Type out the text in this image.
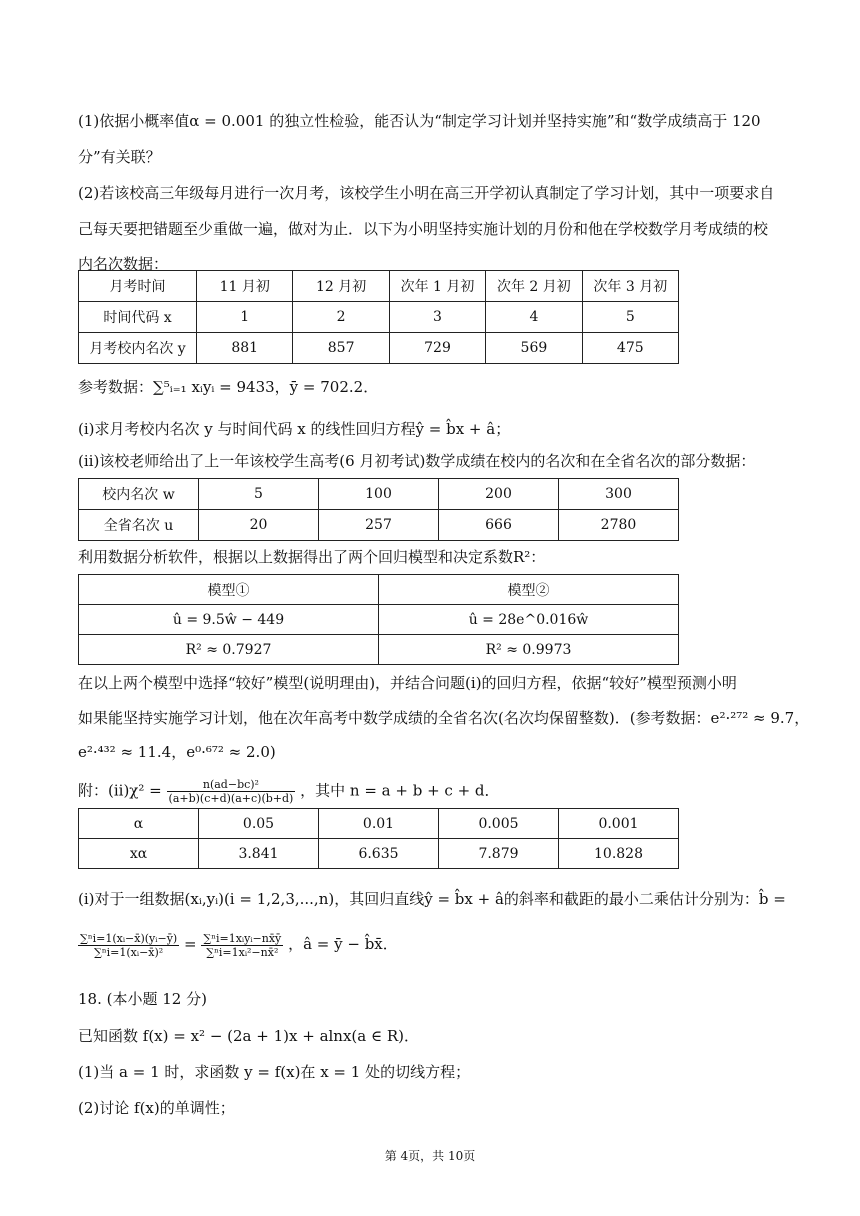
(1)依据小概率值α = 0.001 的独立性检验，能否认为“制定学习计划并坚持实施”和“数学成绩高于 120
分”有关联？
(2)若该校高三年级每月进行一次月考，该校学生小明在高三开学初认真制定了学习计划，其中一项要求自
己每天要把错题至少重做一遍，做对为止．以下为小明坚持实施计划的月份和他在学校数学月考成绩的校
内名次数据：
月考时间	11 月初	12 月初	次年 1 月初	次年 2 月初	次年 3 月初
时间代码 x	1	2	3	4	5
月考校内名次 y	881	857	729	569	475
参考数据：∑⁵ᵢ₌₁ xᵢyᵢ = 9433，ȳ = 702.2．
(ⅰ)求月考校内名次 y 与时间代码 x 的线性回归方程ŷ = b̂x + â；
(ⅱ)该校老师给出了上一年该校学生高考(6 月初考试)数学成绩在校内的名次和在全省名次的部分数据：
校内名次 w	5	100	200	300
全省名次 u	20	257	666	2780
利用数据分析软件，根据以上数据得出了两个回归模型和决定系数R²：
模型①	模型②
û = 9.5ŵ − 449	û = 28e^0.016ŵ
R² ≈ 0.7927	R² ≈ 0.9973
在以上两个模型中选择“较好”模型(说明理由)，并结合问题(ⅰ)的回归方程，依据“较好”模型预测小明
如果能坚持实施学习计划，他在次年高考中数学成绩的全省名次(名次均保留整数)．(参考数据：e²·²⁷² ≈ 9.7，
e²·⁴³² ≈ 11.4，e⁰·⁶⁷² ≈ 2.0)
附：$(ii)\chi^2 = \frac{\text{n(ad−bc)²}}{(a+b)(c+d)(a+c)(b+d)}$ ，其中 n = a + b + c + d．
α	0.05	0.01	0.005	0.001
xα	3.841	6.635	7.879	10.828
(i)对于一组数据(xᵢ,yᵢ)(i = 1,2,3,...,n)，其回归直线ŷ = b̂x + â的斜率和截距的最小二乘估计分别为：b̂ =
$\frac{\text{∑ⁿi=1(xᵢ−x̄)(yᵢ−ȳ)}}{\text{∑ⁿi=1(xᵢ−x̄)²}} = \frac{\text{∑ⁿi=1xᵢyᵢ−nx̄ȳ}}{\text{∑ⁿi=1xᵢ²−nx̄²}}$ ，â = ȳ − b̂x̄．
18. (本小题 12 分)
已知函数 f(x) = x² − (2a + 1)x + alnx(a ∈ R)．
(1)当 a = 1 时，求函数 y = f(x)在 x = 1 处的切线方程；
(2)讨论 f(x)的单调性；
第 4页，共 10页
